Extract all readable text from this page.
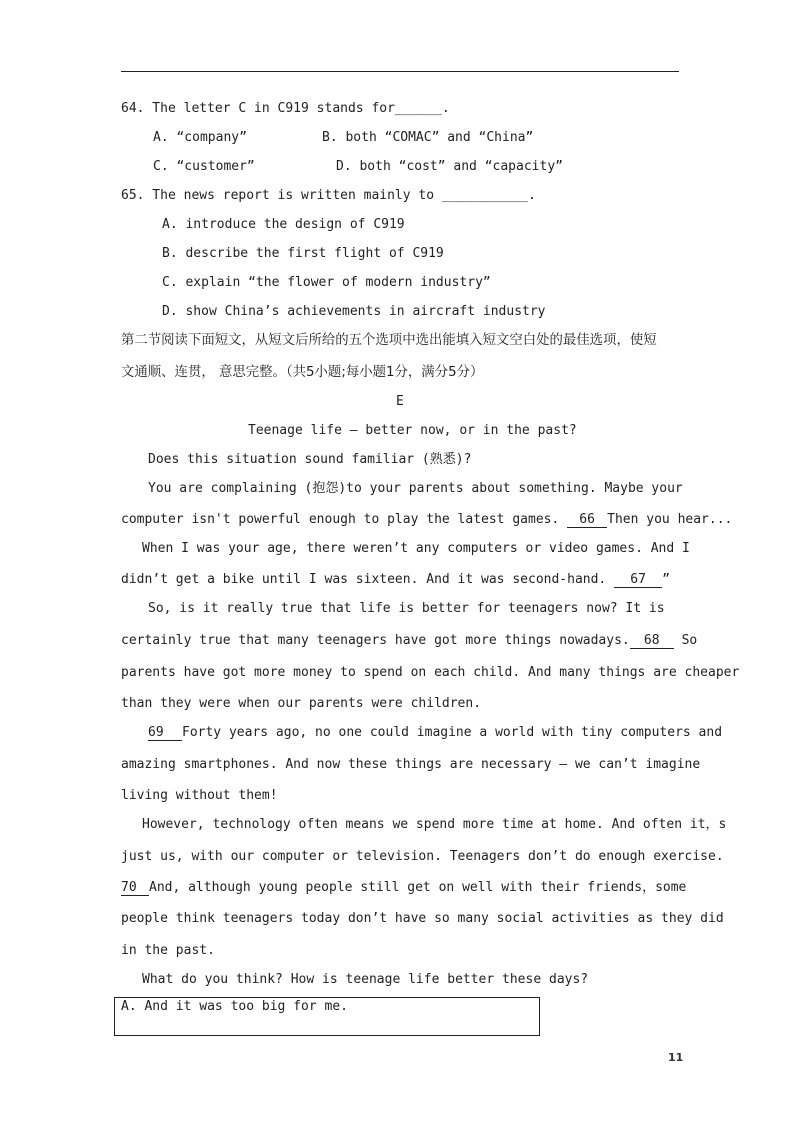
64. The letter C in C919 stands for______.
A. “company”	B. both “COMAC” and “China”
C. “customer”	D. both “cost” and “capacity”
65. The news report is written mainly to ___________.
A. introduce the design of C919
B. describe the first flight of C919
C. explain “the flower of modern industry”
D. show China’s achievements in aircraft industry
第二节阅读下面短文，从短文后所给的五个选项中选出能填入短文空白处的最佳选项，使短
文通顺、连贯， 意思完整。（共5小题;每小题1分，满分5分）
E
Teenage life — better now, or in the past?
Does this situation sound familiar (熟悉)?
You are complaining (抱怨)to your parents about something. Maybe your
computer isn't powerful enough to play the latest games. 66 Then you hear...
When I was your age, there weren’t any computers or video games. And I
didn’t get a bike until I was sixteen. And it was second-hand. 67 ”
So, is it really true that life is better for teenagers now? It is
certainly true that many teenagers have got more things nowadays. 68 So
parents have got more money to spend on each child. And many things are cheaper
than they were when our parents were children.
69 Forty years ago, no one could imagine a world with tiny computers and
amazing smartphones. And now these things are necessary — we can’t imagine
living without them!
However, technology often means we spend more time at home. And often it，s
just us, with our computer or television. Teenagers don’t do enough exercise.
70 And, although young people still get on well with their friends，some
people think teenagers today don’t have so many social activities as they did
in the past.
What do you think? How is teenage life better these days?
A. And it was too big for me.
11
